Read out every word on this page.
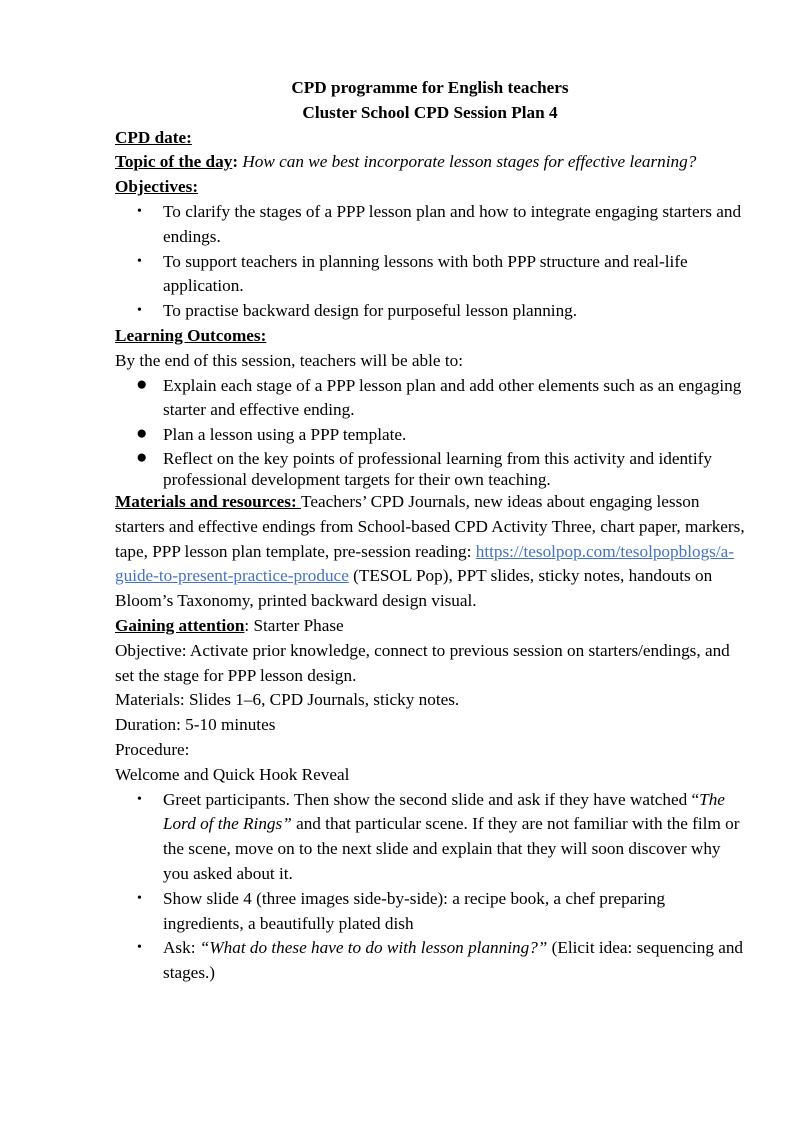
CPD programme for English teachers

Cluster School CPD Session Plan 4

CPD date:

Topic of the day: How can we best incorporate lesson stages for effective learning?

Objectives:

• To clarify the stages of a PPP lesson plan and how to integrate engaging starters and endings.
• To support teachers in planning lessons with both PPP structure and real-life application.
• To practise backward design for purposeful lesson planning.

Learning Outcomes:

By the end of this session, teachers will be able to:

● Explain each stage of a PPP lesson plan and add other elements such as an engaging starter and effective ending.
● Plan a lesson using a PPP template.
● Reflect on the key points of professional learning from this activity and identify professional development targets for their own teaching.

Materials and resources: Teachers’ CPD Journals, new ideas about engaging lesson starters and effective endings from School-based CPD Activity Three, chart paper, markers, tape, PPP lesson plan template, pre-session reading: https://tesolpop.com/tesolpopblogs/a-guide-to-present-practice-produce (TESOL Pop), PPT slides, sticky notes, handouts on Bloom’s Taxonomy, printed backward design visual.

Gaining attention: Starter Phase

Objective: Activate prior knowledge, connect to previous session on starters/endings, and set the stage for PPP lesson design.

Materials: Slides 1–6, CPD Journals, sticky notes.

Duration: 5-10 minutes

Procedure:

Welcome and Quick Hook Reveal

• Greet participants. Then show the second slide and ask if they have watched “The Lord of the Rings” and that particular scene. If they are not familiar with the film or the scene, move on to the next slide and explain that they will soon discover why you asked about it.
• Show slide 4 (three images side-by-side): a recipe book, a chef preparing ingredients, a beautifully plated dish
• Ask: “What do these have to do with lesson planning?” (Elicit idea: sequencing and stages.)
